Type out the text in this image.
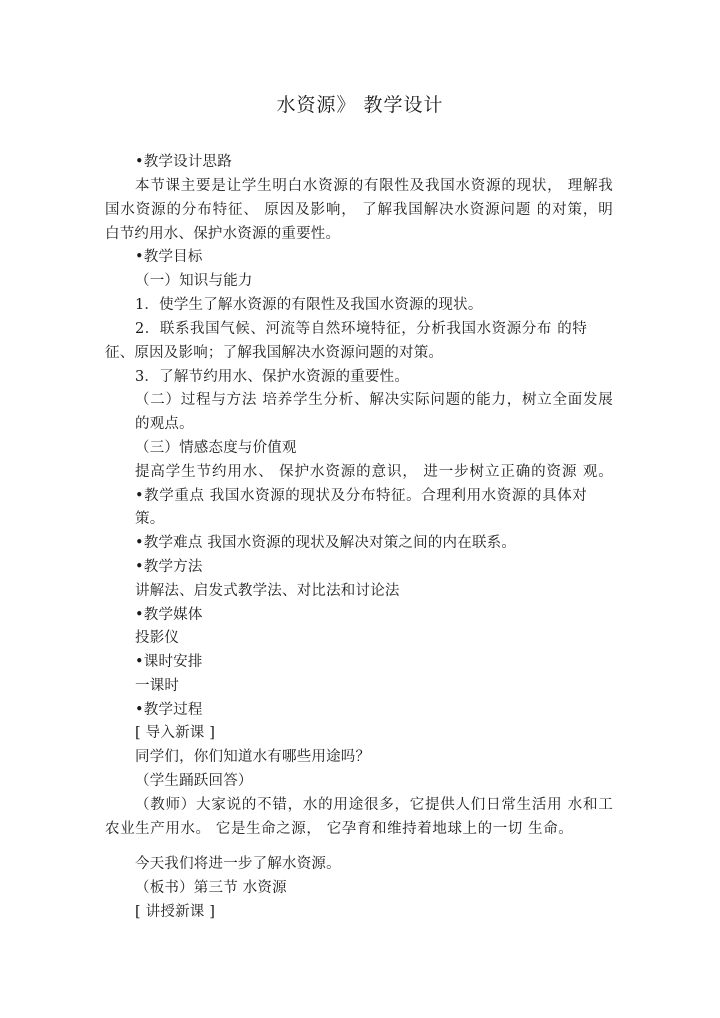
水资源》 教学设计
•教学设计思路
本节课主要是让学生明白水资源的有限性及我国水资源的现状， 理解我
国水资源的分布特征、 原因及影响， 了解我国解决水资源问题 的对策，明
白节约用水、保护水资源的重要性。
•教学目标
（一）知识与能力
1．使学生了解水资源的有限性及我国水资源的现状。
2．联系我国气候、河流等自然环境特征，分析我国水资源分布 的特
征、原因及影响；了解我国解决水资源问题的对策。
3．了解节约用水、保护水资源的重要性。
（二）过程与方法 培养学生分析、解决实际问题的能力，树立全面发展
的观点。
（三）情感态度与价值观
提高学生节约用水、 保护水资源的意识， 进一步树立正确的资源 观。
•教学重点 我国水资源的现状及分布特征。合理利用水资源的具体对
策。
•教学难点 我国水资源的现状及解决对策之间的内在联系。
•教学方法
讲解法、启发式教学法、对比法和讨论法
•教学媒体
投影仪
•课时安排
一课时
•教学过程
[ 导入新课 ]
同学们，你们知道水有哪些用途吗？
（学生踊跃回答）
（教师）大家说的不错，水的用途很多，它提供人们日常生活用 水和工
农业生产用水。 它是生命之源， 它孕育和维持着地球上的一切 生命。
今天我们将进一步了解水资源。
（板书）第三节 水资源
[ 讲授新课 ]
